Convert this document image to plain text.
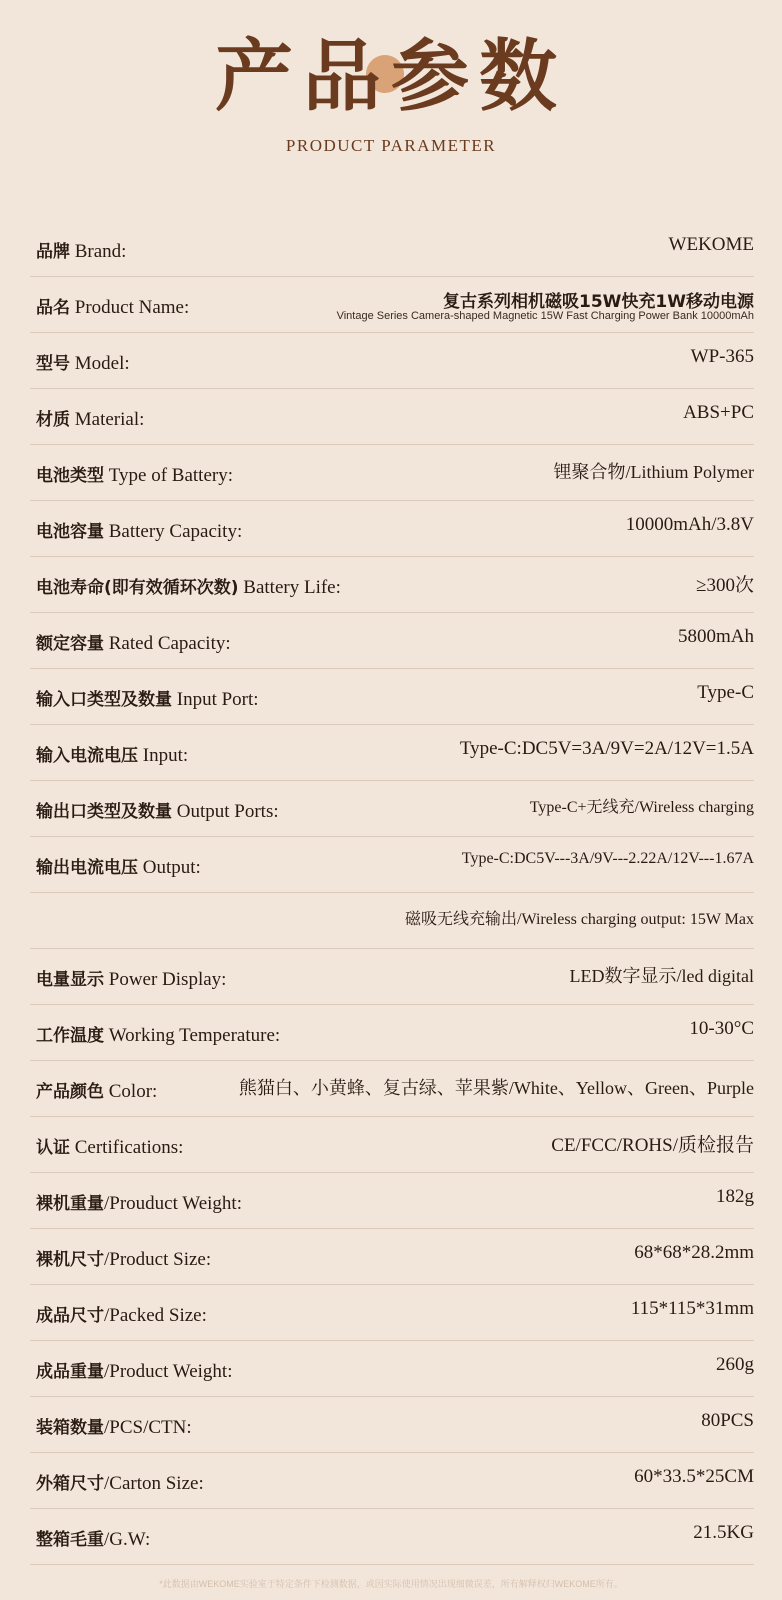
产品参数
PRODUCT PARAMETER
品牌 Brand:	WEKOME
品名 Product Name:	复古系列相机磁吸15W快充1W移动电源
Vintage Series Camera-shaped Magnetic 15W Fast Charging Power Bank 10000mAh
型号 Model:	WP-365
材质 Material:	ABS+PC
电池类型 Type of Battery:	锂聚合物/Lithium Polymer
电池容量 Battery Capacity:	10000mAh/3.8V
电池寿命(即有效循环次数) Battery Life:	≥300次
额定容量 Rated Capacity:	5800mAh
输入口类型及数量 Input Port:	Type-C
输入电流电压 Input:	Type-C:DC5V=3A/9V=2A/12V=1.5A
输出口类型及数量 Output Ports:	Type-C+无线充/Wireless charging
输出电流电压 Output:	Type-C:DC5V---3A/9V---2.22A/12V---1.67A
磁吸无线充输出/Wireless charging output: 15W Max
电量显示 Power Display:	LED数字显示/led digital
工作温度 Working Temperature:	10-30°C
产品颜色 Color:	熊猫白、小黄蜂、复古绿、苹果紫/White、Yellow、Green、Purple
认证 Certifications:	CE/FCC/ROHS/质检报告
裸机重量/Prouduct Weight:	182g
裸机尺寸/Product Size:	68*68*28.2mm
成品尺寸/Packed Size:	115*115*31mm
成品重量/Product Weight:	260g
装箱数量/PCS/CTN:	80PCS
外箱尺寸/Carton Size:	60*33.5*25CM
整箱毛重/G.W:	21.5KG
*此数据由WEKOME实验室于特定条件下检测数据，或因实际使用情况出现细微误差，所有解释权归WEKOME所有。
